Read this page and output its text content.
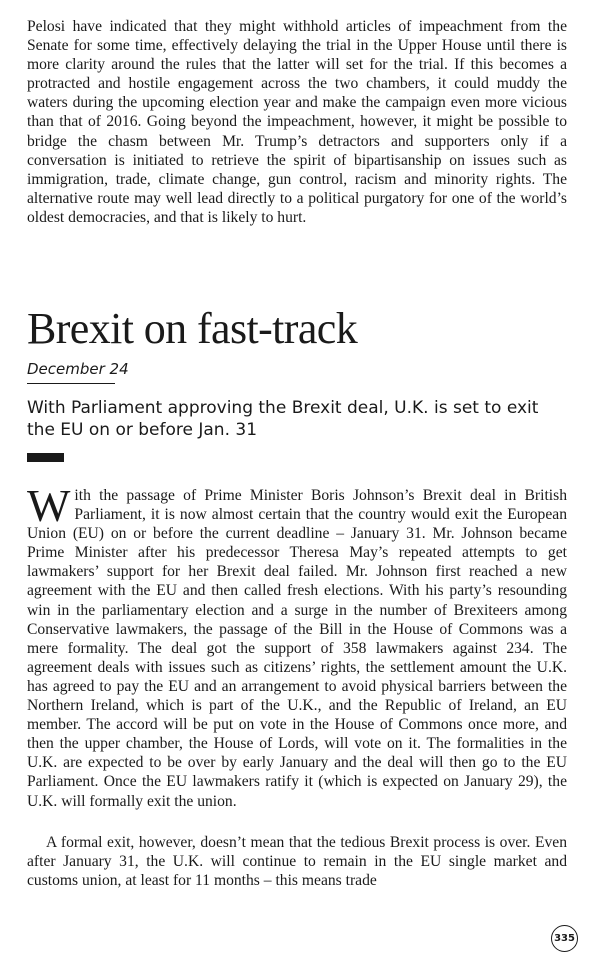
Pelosi have indicated that they might withhold articles of impeachment from the Senate for some time, effectively delaying the trial in the Upper House until there is more clarity around the rules that the latter will set for the trial. If this becomes a protracted and hostile engagement across the two chambers, it could muddy the waters during the upcoming election year and make the campaign even more vicious than that of 2016. Going beyond the impeachment, however, it might be possible to bridge the chasm between Mr. Trump’s detractors and supporters only if a conversation is initiated to retrieve the spirit of bipartisanship on issues such as immigration, trade, climate change, gun control, racism and minority rights. The alternative route may well lead directly to a political purgatory for one of the world’s oldest democracies, and that is likely to hurt.

Brexit on fast-track

December 24

With Parliament approving the Brexit deal, U.K. is set to exit the EU on or before Jan. 31

With the passage of Prime Minister Boris Johnson’s Brexit deal in British Parliament, it is now almost certain that the country would exit the European Union (EU) on or before the current deadline – January 31. Mr. Johnson became Prime Minister after his predecessor Theresa May’s repeated attempts to get lawmakers’ support for her Brexit deal failed. Mr. Johnson first reached a new agreement with the EU and then called fresh elections. With his party’s resounding win in the parliamentary election and a surge in the number of Brexiteers among Conservative lawmakers, the passage of the Bill in the House of Commons was a mere formality. The deal got the support of 358 lawmakers against 234. The agreement deals with issues such as citizens’ rights, the settlement amount the U.K. has agreed to pay the EU and an arrangement to avoid physical barriers between the Northern Ireland, which is part of the U.K., and the Republic of Ireland, an EU member. The accord will be put on vote in the House of Commons once more, and then the upper chamber, the House of Lords, will vote on it. The formalities in the U.K. are expected to be over by early January and the deal will then go to the EU Parliament. Once the EU lawmakers ratify it (which is expected on January 29), the U.K. will formally exit the union.

A formal exit, however, doesn’t mean that the tedious Brexit process is over. Even after January 31, the U.K. will continue to remain in the EU single market and customs union, at least for 11 months – this means trade

335
